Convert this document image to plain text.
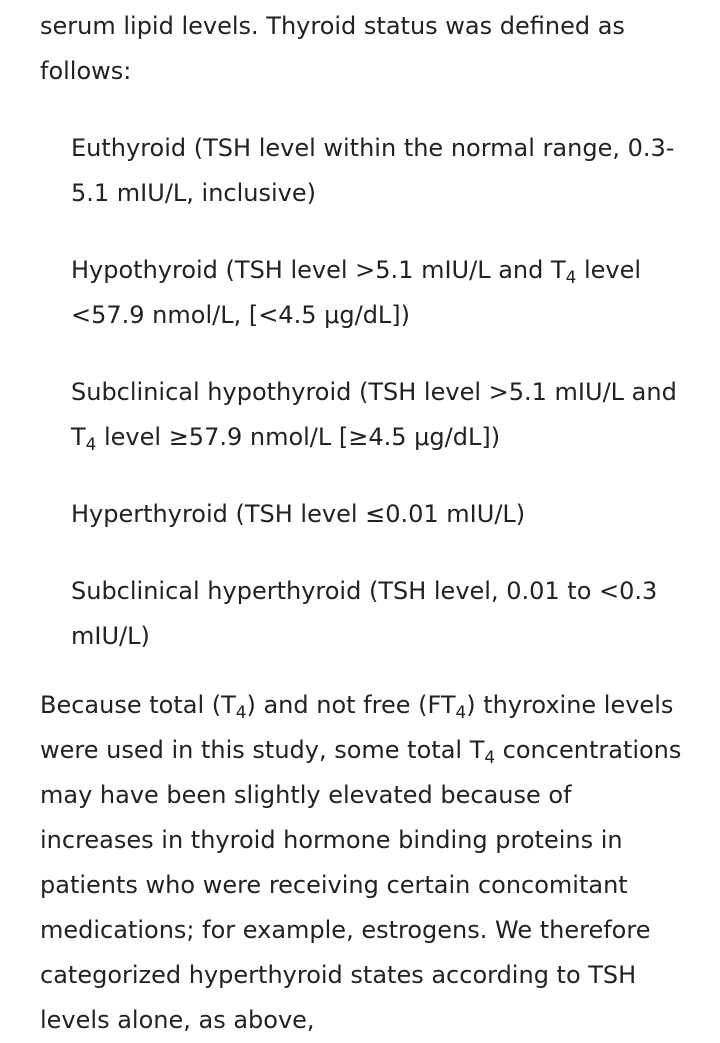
serum lipid levels. Thyroid status was defined as follows:

Euthyroid (TSH level within the normal range, 0.3-5.1 mIU/L, inclusive)
Hypothyroid (TSH level >5.1 mIU/L and $T_4$ level <57.9 nmol/L, [<4.5 μg/dL])
Subclinical hypothyroid (TSH level >5.1 mIU/L and $T_4$ level ≥57.9 nmol/L [≥4.5 μg/dL])
Hyperthyroid (TSH level ≤0.01 mIU/L)
Subclinical hyperthyroid (TSH level, 0.01 to <0.3 mIU/L)

Because total $(T_4)$ and not free $(FT_4)$ thyroxine levels were used in this study, some total $T_4$ concentrations may have been slightly elevated because of increases in thyroid hormone binding proteins in patients who were receiving certain concomitant medications; for example, estrogens. We therefore categorized hyperthyroid states according to TSH levels alone, as above,
